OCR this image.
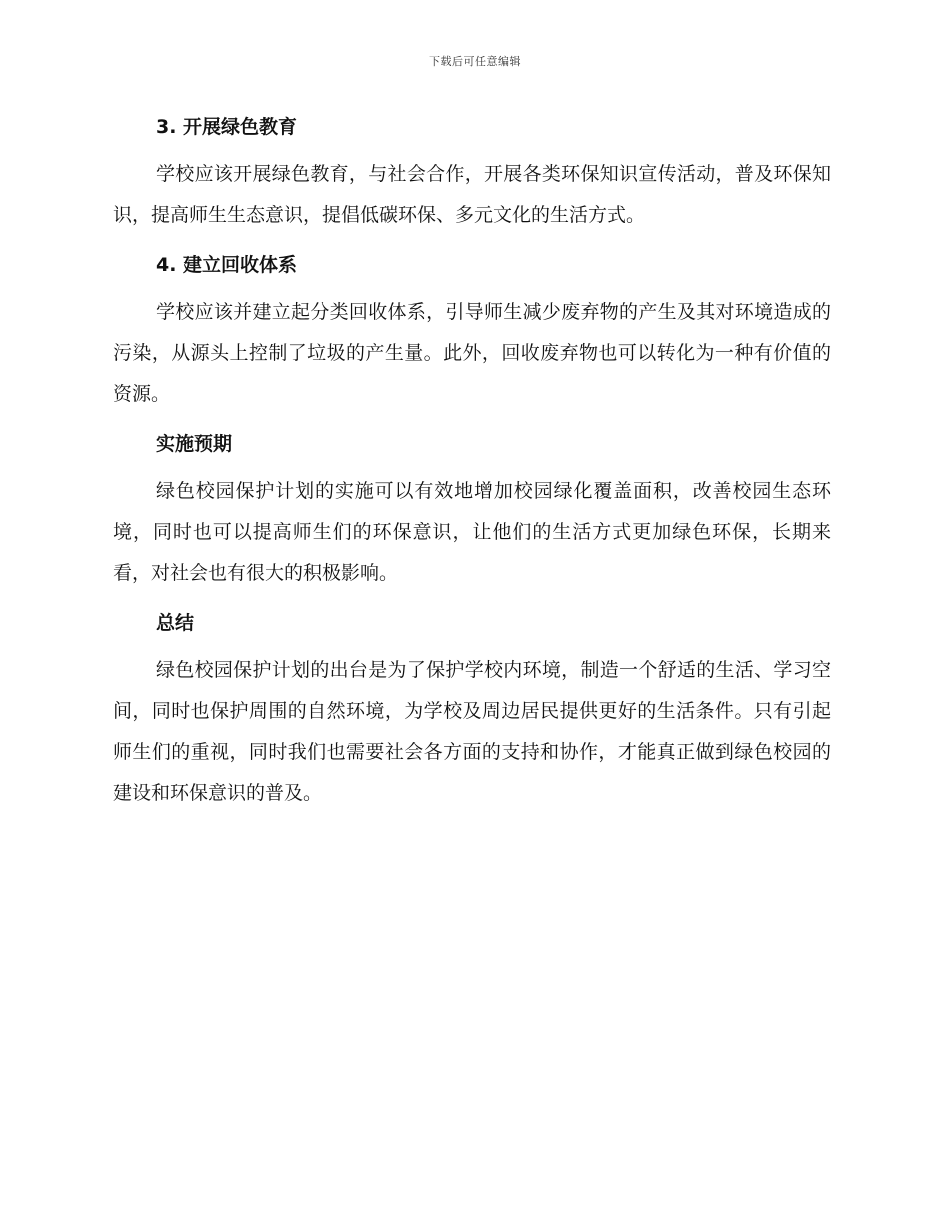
下载后可任意编辑
3. 开展绿色教育

学校应该开展绿色教育，与社会合作，开展各类环保知识宣传活动，普及环保知识，提高师生生态意识，提倡低碳环保、多元文化的生活方式。

4. 建立回收体系

学校应该并建立起分类回收体系，引导师生减少废弃物的产生及其对环境造成的污染，从源头上控制了垃圾的产生量。此外，回收废弃物也可以转化为一种有价值的资源。

实施预期

绿色校园保护计划的实施可以有效地增加校园绿化覆盖面积，改善校园生态环境，同时也可以提高师生们的环保意识，让他们的生活方式更加绿色环保，长期来看，对社会也有很大的积极影响。

总结

绿色校园保护计划的出台是为了保护学校内环境，制造一个舒适的生活、学习空间，同时也保护周围的自然环境，为学校及周边居民提供更好的生活条件。只有引起师生们的重视，同时我们也需要社会各方面的支持和协作，才能真正做到绿色校园的建设和环保意识的普及。
